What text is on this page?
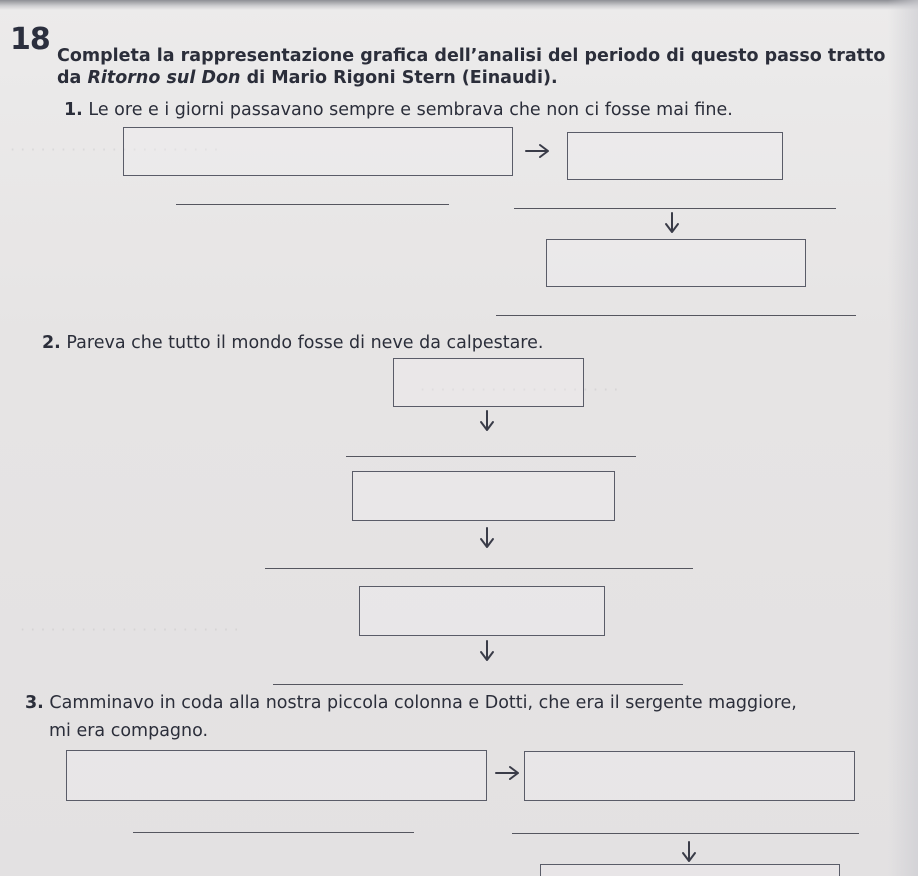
· · · · · · · · · · · · · · · · · · · · ·
· · · · · · · · · · · · · · · · · · · ·
· · · · · · · · · · · · · · · · · · · · · ·
18 Completa la rappresentazione grafica dell’analisi del periodo di questo passo tratto
da Ritorno sul Don di Mario Rigoni Stern (Einaudi).
1. Le ore e i giorni passavano sempre e sembrava che non ci fosse mai fine.
2. Pareva che tutto il mondo fosse di neve da calpestare.
3. Camminavo in coda alla nostra piccola colonna e Dotti, che era il sergente maggiore,
mi era compagno.
